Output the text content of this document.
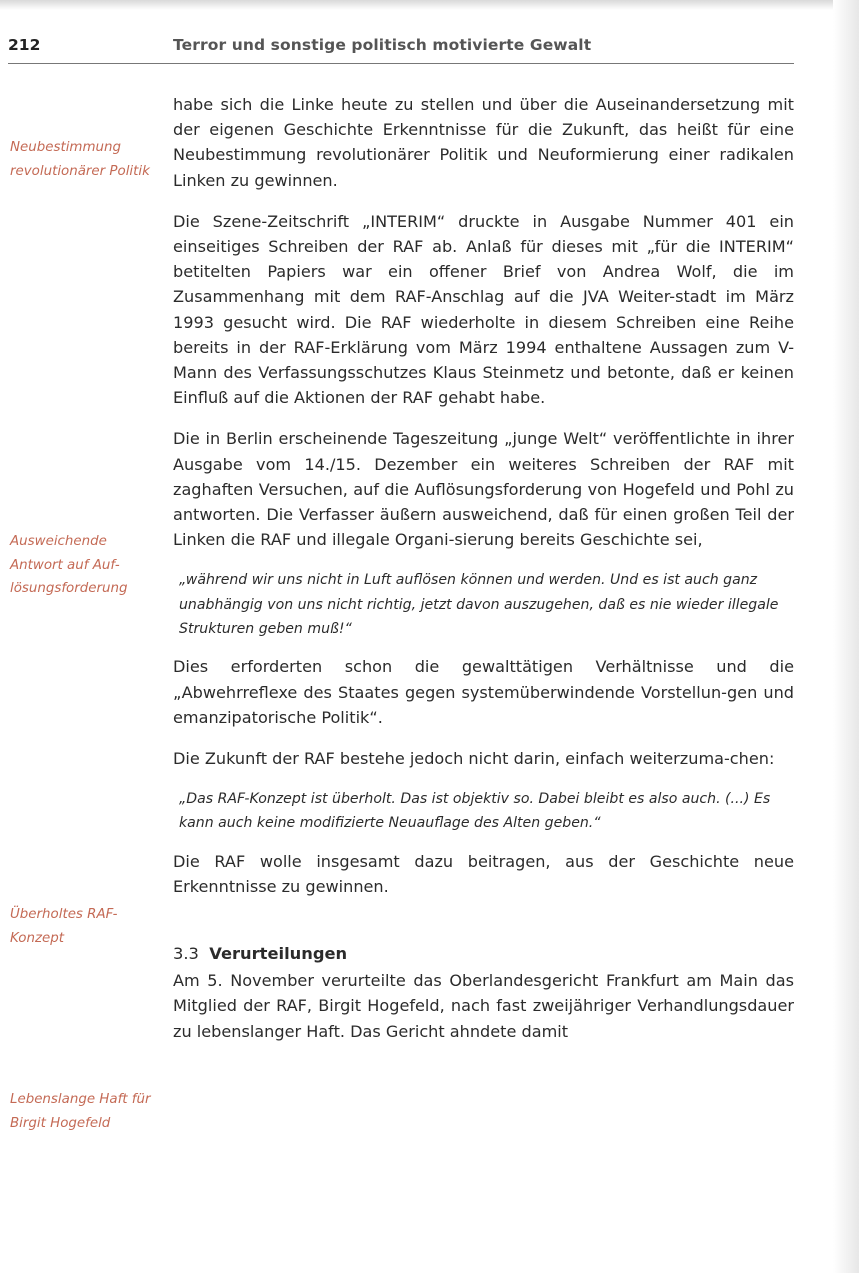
212	Terror und sonstige politisch motivierte Gewalt
Neubestimmung revolutionärer Politik
Ausweichende Antwort auf Auf-lösungsforderung
Überholtes RAF-Konzept
Lebenslange Haft für Birgit Hogefeld

habe sich die Linke heute zu stellen und über die Auseinandersetzung mit der eigenen Geschichte Erkenntnisse für die Zukunft, das heißt für eine Neubestimmung revolutionärer Politik und Neuformierung einer radikalen Linken zu gewinnen.

Die Szene-Zeitschrift „INTERIM“ druckte in Ausgabe Nummer 401 ein einseitiges Schreiben der RAF ab. Anlaß für dieses mit „für die INTERIM“ betitelten Papiers war ein offener Brief von Andrea Wolf, die im Zusammenhang mit dem RAF-Anschlag auf die JVA Weiter-stadt im März 1993 gesucht wird. Die RAF wiederholte in diesem Schreiben eine Reihe bereits in der RAF-Erklärung vom März 1994 enthaltene Aussagen zum V-Mann des Verfassungsschutzes Klaus Steinmetz und betonte, daß er keinen Einfluß auf die Aktionen der RAF gehabt habe.

Die in Berlin erscheinende Tageszeitung „junge Welt“ veröffentlichte in ihrer Ausgabe vom 14./15. Dezember ein weiteres Schreiben der RAF mit zaghaften Versuchen, auf die Auflösungsforderung von Hogefeld und Pohl zu antworten. Die Verfasser äußern ausweichend, daß für einen großen Teil der Linken die RAF und illegale Organi-sierung bereits Geschichte sei,

„während wir uns nicht in Luft auflösen können und werden. Und es ist auch ganz unabhängig von uns nicht richtig, jetzt davon auszugehen, daß es nie wieder illegale Strukturen geben muß!“

Dies erforderten schon die gewalttätigen Verhältnisse und die „Abwehrreflexe des Staates gegen systemüberwindende Vorstellun-gen und emanzipatorische Politik“.

Die Zukunft der RAF bestehe jedoch nicht darin, einfach weiterzuma-chen:

„Das RAF-Konzept ist überholt. Das ist objektiv so. Dabei bleibt es also auch. (...) Es kann auch keine modifizierte Neuauflage des Alten geben.“

Die RAF wolle insgesamt dazu beitragen, aus der Geschichte neue Erkenntnisse zu gewinnen.

3.3 Verurteilungen

Am 5. November verurteilte das Oberlandesgericht Frankfurt am Main das Mitglied der RAF, Birgit Hogefeld, nach fast zweijähriger Verhandlungsdauer zu lebenslanger Haft. Das Gericht ahndete damit
